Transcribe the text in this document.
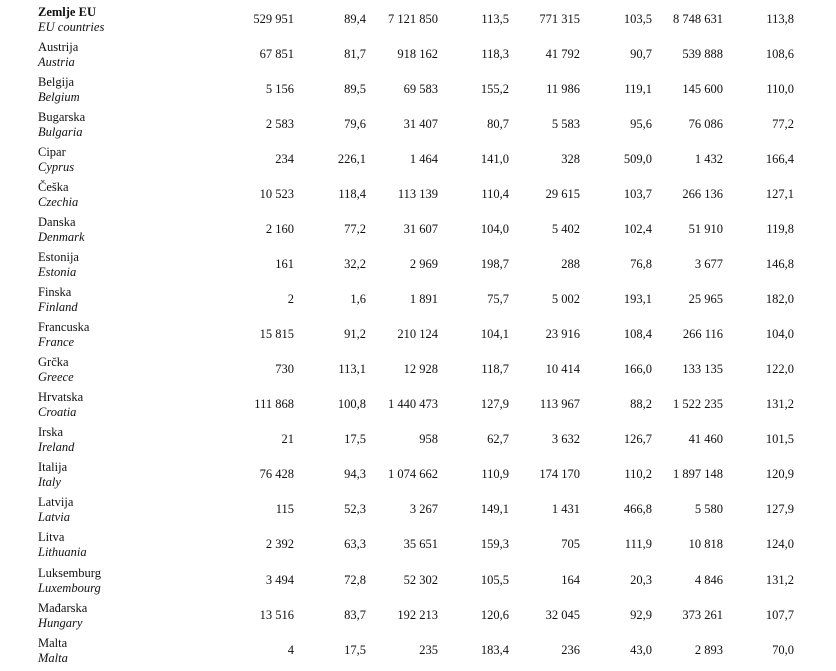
Zemlje EU
EU countries
529 951	89,4 7 121 850	113,5 771 315	103,5 8 748 631	113,8
Austrija
Austria
67 851	81,7	918 162	118,3	41 792	90,7 539 888	108,6
Belgija
Belgium
5 156	89,5	69 583	155,2	11 986	119,1 145 600	110,0
Bugarska
Bulgaria
2 583	79,6	31 407	80,7	5 583	95,6	76 086	77,2
Cipar
Cyprus
234	226,1	1 464	141,0	328	509,0	1 432	166,4
Češka
Czechia
10 523	118,4	113 139	110,4	29 615	103,7 266 136	127,1
Danska
Denmark
2 160	77,2	31 607	104,0	5 402	102,4	51 910	119,8
Estonija
Estonia
161	32,2	2 969	198,7	288	76,8	3 677	146,8
Finska
Finland
2	1,6	1 891	75,7	5 002	193,1	25 965	182,0
Francuska
France
15 815	91,2	210 124	104,1	23 916	108,4 266 116	104,0
Grčka
Greece
730	113,1	12 928	118,7	10 414	166,0 133 135	122,0
Hrvatska
Croatia
111 868	100,8 1 440 473	127,9 113 967	88,2 1 522 235	131,2
Irska
Ireland
21	17,5	958	62,7	3 632	126,7	41 460	101,5
Italija
Italy
76 428	94,3 1 074 662	110,9 174 170	110,2 1 897 148	120,9
Latvija
Latvia
115	52,3	3 267	149,1	1 431	466,8	5 580	127,9
Litva
Lithuania
2 392	63,3	35 651	159,3	705	111,9	10 818	124,0
Luksemburg
Luxembourg
3 494	72,8	52 302	105,5	164	20,3	4 846	131,2
Mađarska
Hungary
13 516	83,7	192 213	120,6	32 045	92,9 373 261	107,7
Malta
Malta
4	17,5	235	183,4	236	43,0	2 893	70,0
